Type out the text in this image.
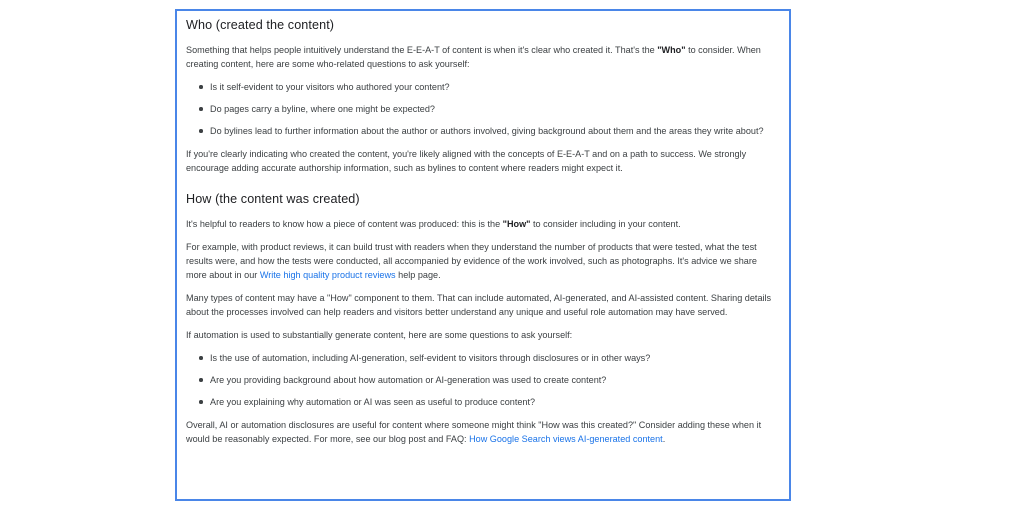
Who (created the content)

Something that helps people intuitively understand the E-E-A-T of content is when it's clear who created it. That's the "Who" to consider. When creating content, here are some who-related questions to ask yourself:

Is it self-evident to your visitors who authored your content?
Do pages carry a byline, where one might be expected?
Do bylines lead to further information about the author or authors involved, giving background about them and the areas they write about?

If you're clearly indicating who created the content, you're likely aligned with the concepts of E-E-A-T and on a path to success. We strongly encourage adding accurate authorship information, such as bylines to content where readers might expect it.

How (the content was created)

It's helpful to readers to know how a piece of content was produced: this is the "How" to consider including in your content.

For example, with product reviews, it can build trust with readers when they understand the number of products that were tested, what the test results were, and how the tests were conducted, all accompanied by evidence of the work involved, such as photographs. It's advice we share more about in our Write high quality product reviews help page.

Many types of content may have a "How" component to them. That can include automated, AI-generated, and AI-assisted content. Sharing details about the processes involved can help readers and visitors better understand any unique and useful role automation may have served.

If automation is used to substantially generate content, here are some questions to ask yourself:

Is the use of automation, including AI-generation, self-evident to visitors through disclosures or in other ways?
Are you providing background about how automation or AI-generation was used to create content?
Are you explaining why automation or AI was seen as useful to produce content?

Overall, AI or automation disclosures are useful for content where someone might think "How was this created?" Consider adding these when it would be reasonably expected. For more, see our blog post and FAQ: How Google Search views AI-generated content.
